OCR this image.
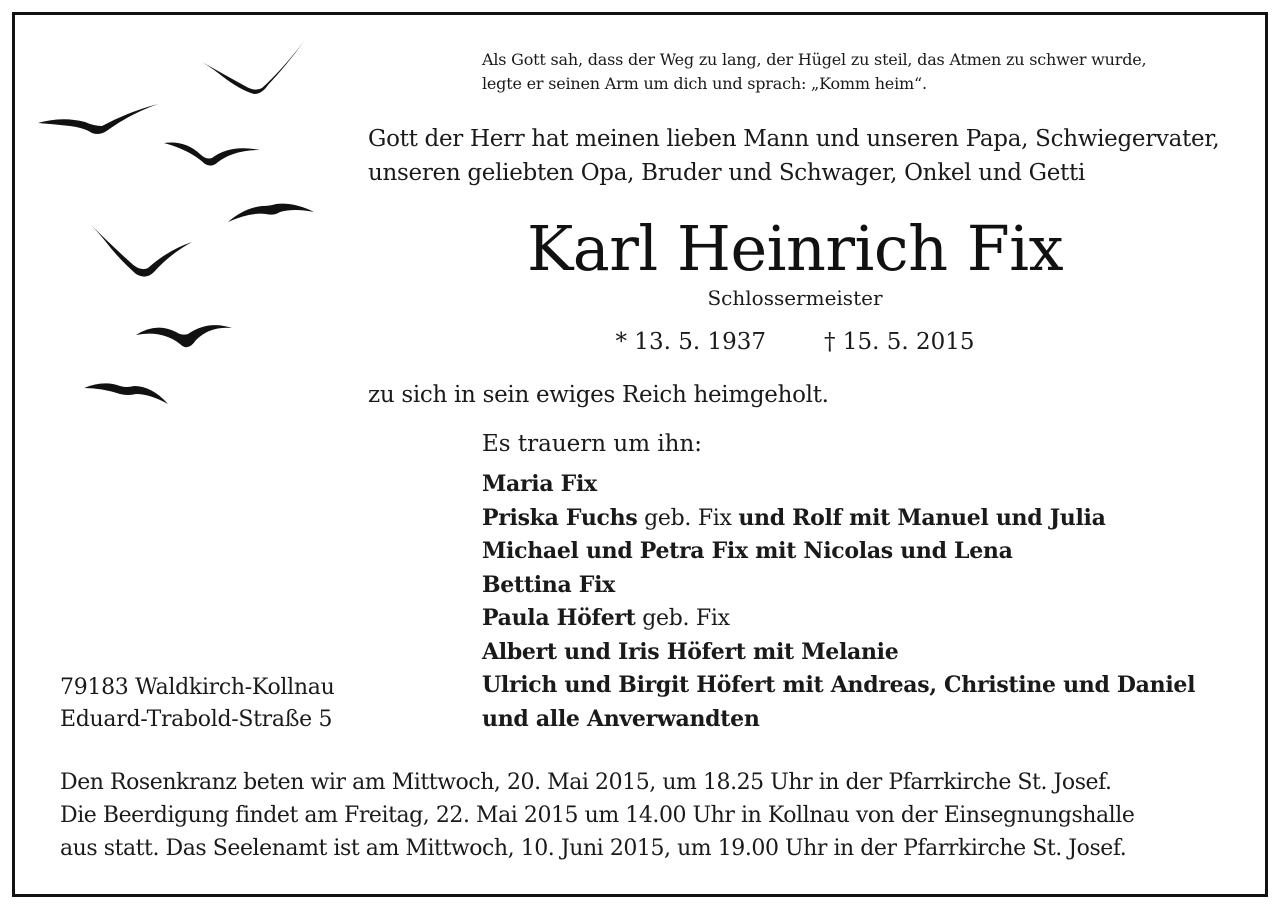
Als Gott sah, dass der Weg zu lang, der Hügel zu steil, das Atmen zu schwer wurde,
legte er seinen Arm um dich und sprach: „Komm heim“.
Gott der Herr hat meinen lieben Mann und unseren Papa, Schwiegervater,
unseren geliebten Opa, Bruder und Schwager, Onkel und Getti
Karl Heinrich Fix
Schlossermeister
* 13. 5. 1937	† 15. 5. 2015
zu sich in sein ewiges Reich heimgeholt.
Es trauern um ihn:
Maria Fix
Priska Fuchs geb. Fix und Rolf mit Manuel und Julia
Michael und Petra Fix mit Nicolas und Lena
Bettina Fix
Paula Höfert geb. Fix
Albert und Iris Höfert mit Melanie
Ulrich und Birgit Höfert mit Andreas, Christine und Daniel
und alle Anverwandten
79183 Waldkirch-Kollnau
Eduard-Trabold-Straße 5
Den Rosenkranz beten wir am Mittwoch, 20. Mai 2015, um 18.25 Uhr in der Pfarrkirche St. Josef.
Die Beerdigung findet am Freitag, 22. Mai 2015 um 14.00 Uhr in Kollnau von der Einsegnungshalle
aus statt. Das Seelenamt ist am Mittwoch, 10. Juni 2015, um 19.00 Uhr in der Pfarrkirche St. Josef.
